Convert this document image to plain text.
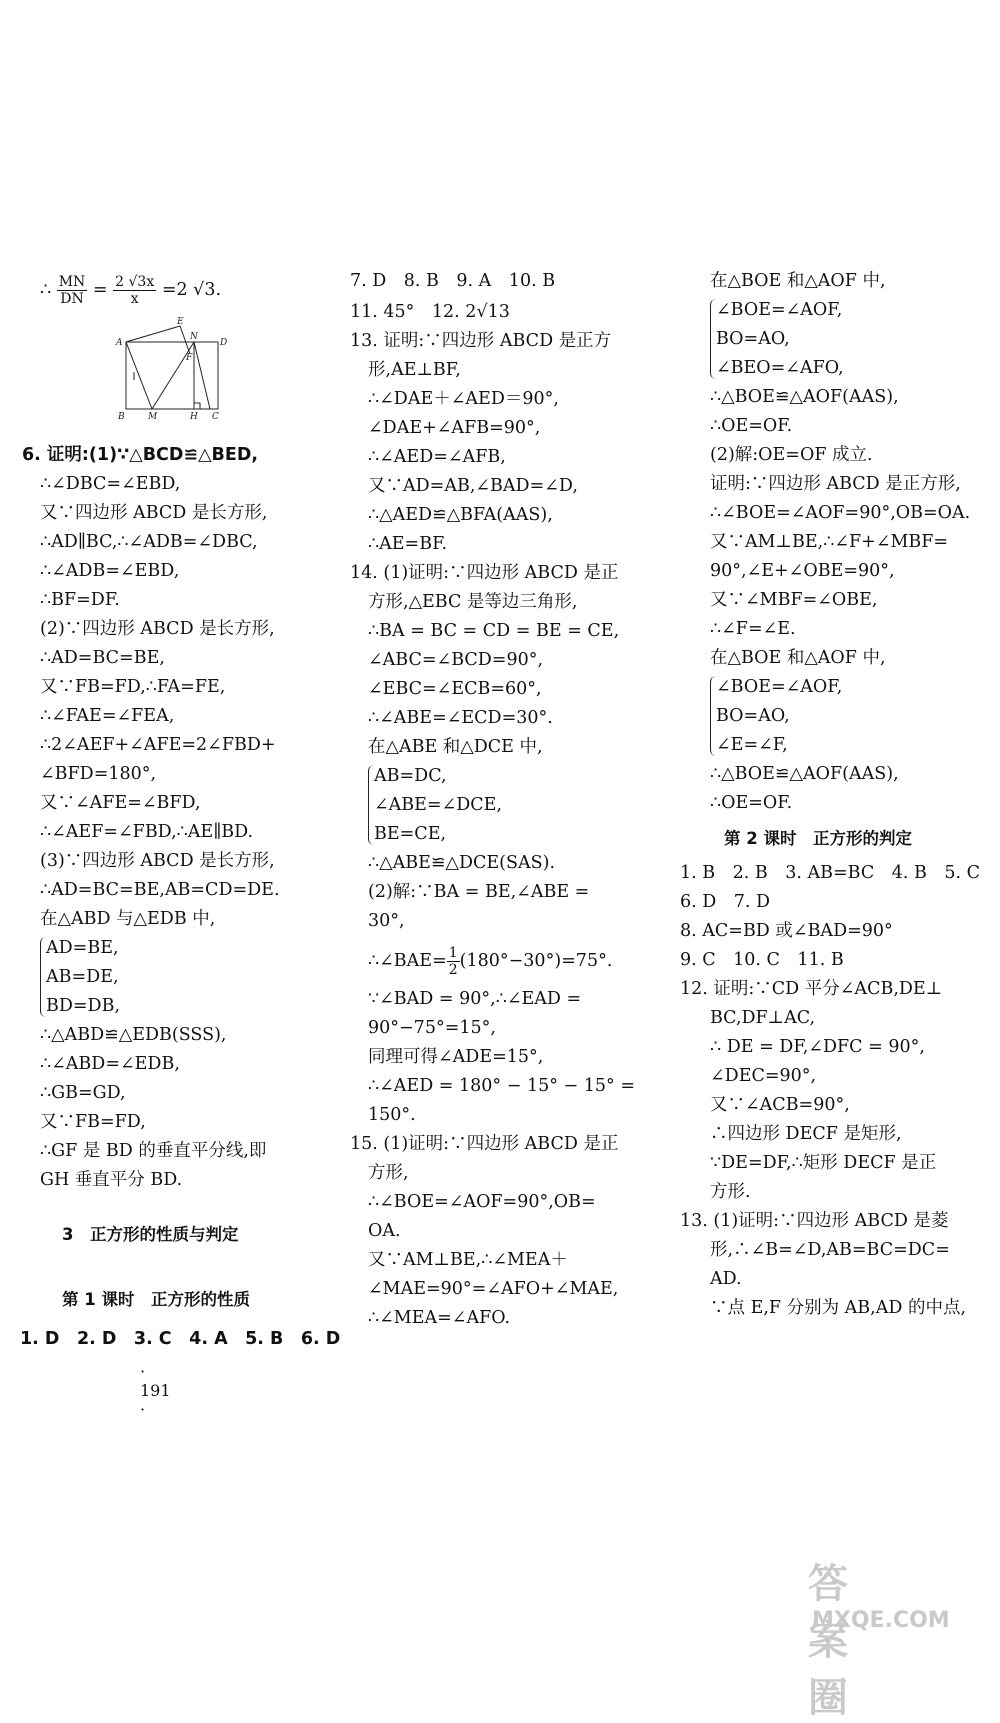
∴ $\frac{MN}{DN} = \frac{2 √3x}{x} =2$ √3.
A
E
F
N
D
B	M	H C
6. 证明:(1)∵△BCD≌△BED,
∴∠DBC=∠EBD,
又∵四边形 ABCD 是长方形,
∴AD∥BC,∴∠ADB=∠DBC,
∴∠ADB=∠EBD,
∴BF=DF.
(2)∵四边形 ABCD 是长方形,
∴AD=BC=BE,
又∵FB=FD,∴FA=FE,
∴∠FAE=∠FEA,
∴2∠AEF+∠AFE=2∠FBD+
∠BFD=180°,
又∵∠AFE=∠BFD,
∴∠AEF=∠FBD,∴AE∥BD.
(3)∵四边形 ABCD 是长方形,
∴AD=BC=BE,AB=CD=DE.
在△ABD 与△EDB 中,
AD=BE,
AB=DE,
BD=DB,
∴△ABD≌△EDB(SSS),
∴∠ABD=∠EDB,
∴GB=GD,
又∵FB=FD,
∴GF 是 BD 的垂直平分线,即
GH 垂直平分 BD.
3　正方形的性质与判定
第 1 课时　正方形的性质
1. D　2. D　3. C　4. A　5. B　6. D
· 191 ·
7. D　8. B　9. A　10. B
11. 45°　12. 2√13
13. 证明:∵四边形 ABCD 是正方
形,AE⊥BF,
∴∠DAE＋∠AED＝90°,
∠DAE+∠AFB=90°,
∴∠AED=∠AFB,
又∵AD=AB,∠BAD=∠D,
∴△AED≌△BFA(AAS),
∴AE=BF.
14. (1)证明:∵四边形 ABCD 是正
方形,△EBC 是等边三角形,
∴BA = BC = CD = BE = CE,
∠ABC=∠BCD=90°,
∠EBC=∠ECB=60°,
∴∠ABE=∠ECD=30°.
在△ABE 和△DCE 中,
AB=DC,
∠ABE=∠DCE,
BE=CE,
∴△ABE≌△DCE(SAS).
(2)解:∵BA = BE,∠ABE =
30°,
∴∠BAE= $\frac{1}{2} (180^\circ-30^\circ)=75^\circ$.
∵∠BAD = 90°,∴∠EAD =
90°−75°=15°,
同理可得∠ADE=15°,
∴∠AED = 180° − 15° − 15° =
150°.
15. (1)证明:∵四边形 ABCD 是正
方形,
∴∠BOE=∠AOF=90°,OB=
OA.
又∵AM⊥BE,∴∠MEA＋
∠MAE=90°=∠AFO+∠MAE,
∴∠MEA=∠AFO.
在△BOE 和△AOF 中,
∠BOE=∠AOF,
BO=AO,
∠BEO=∠AFO,
∴△BOE≌△AOF(AAS),
∴OE=OF.
(2)解:OE=OF 成立.
证明:∵四边形 ABCD 是正方形,
∴∠BOE=∠AOF=90°,OB=OA.
又∵AM⊥BE,∴∠F+∠MBF=
90°,∠E+∠OBE=90°,
又∵∠MBF=∠OBE,
∴∠F=∠E.
在△BOE 和△AOF 中,
∠BOE=∠AOF,
BO=AO,
∠E=∠F,
∴△BOE≌△AOF(AAS),
∴OE=OF.
第 2 课时　正方形的判定
1. B　2. B　3. AB=BC　4. B　5. C
6. D　7. D
8. AC=BD 或∠BAD=90°
9. C　10. C　11. B
12. 证明:∵CD 平分∠ACB,DE⊥
BC,DF⊥AC,
∴ DE = DF,∠DFC = 90°,
∠DEC=90°,
又∵∠ACB=90°,
∴四边形 DECF 是矩形,
∵DE=DF,∴矩形 DECF 是正
方形.
13. (1)证明:∵四边形 ABCD 是菱
形,∴∠B=∠D,AB=BC=DC=
AD.
∵点 E,F 分别为 AB,AD 的中点,
答案圈
MXQE.COM
